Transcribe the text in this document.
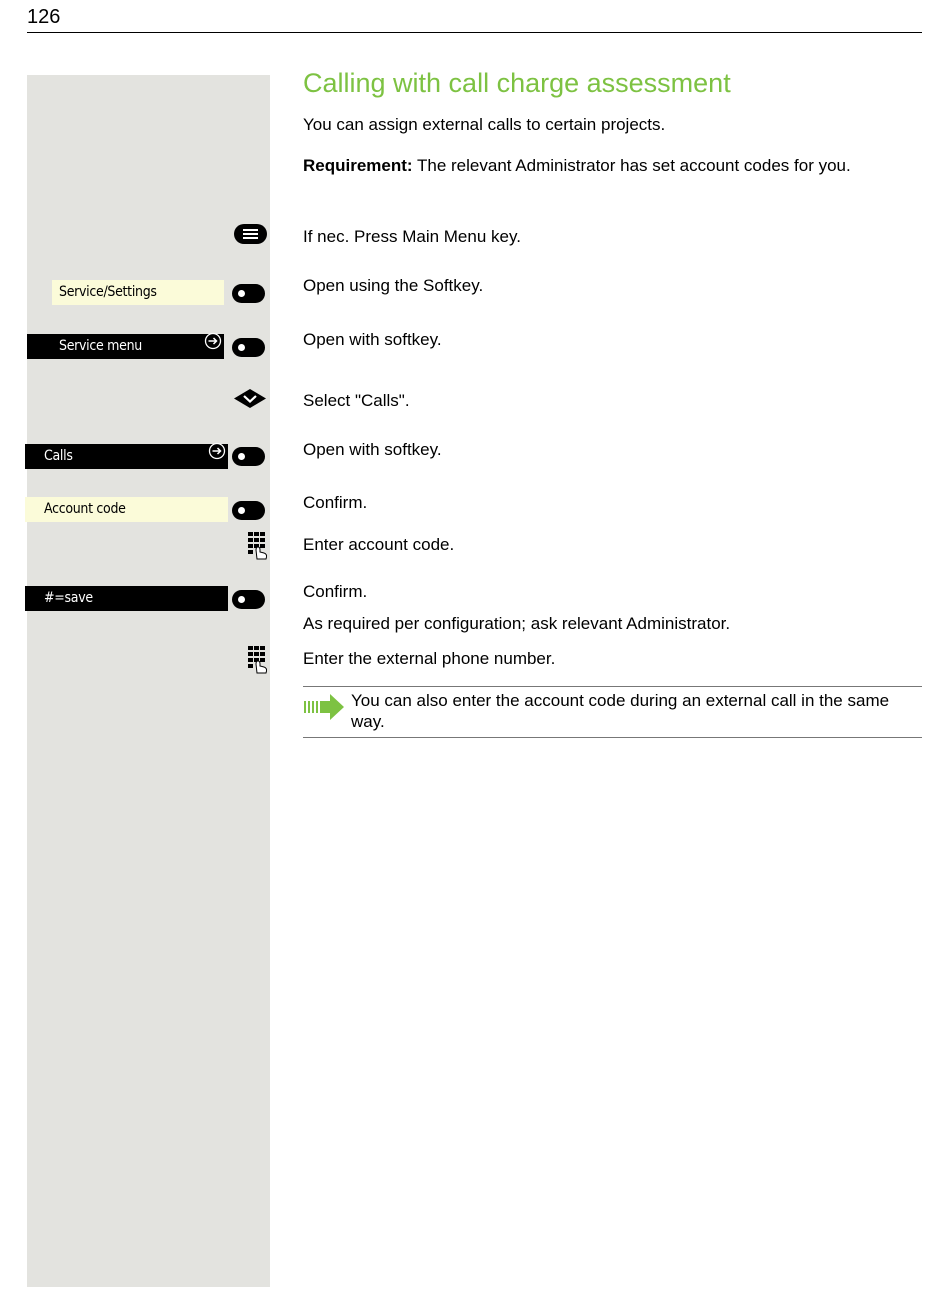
126
If nec. Press Main Menu key.
Service/Settings	Open using the Softkey.
Service menu	Open with softkey.
Select "Calls".
Calls	Open with softkey.
Account code	Confirm.
Enter account code.
#=save	Confirm.
As required per configuration; ask relevant Administrator.
Enter the external phone number.
Calling with call charge assessment
You can assign external calls to certain projects.
Requirement: The relevant Administrator has set account codes for you.
You can also enter the account code during an external call in the same way.
